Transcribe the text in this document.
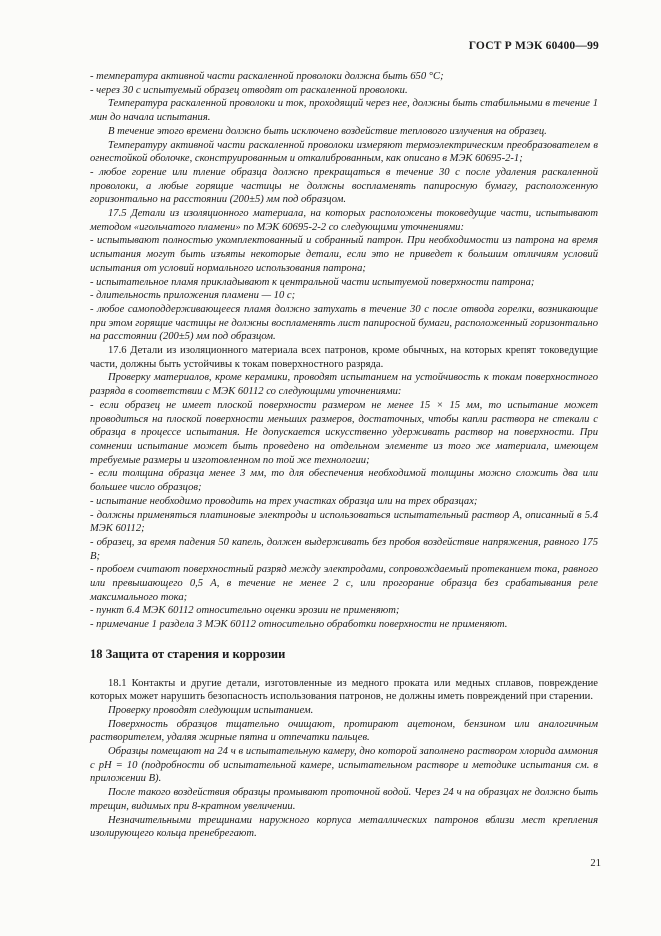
ГОСТ Р МЭК 60400—99

- температура активной части раскаленной проволоки должна быть 650 °С;

- через 30 с испытуемый образец отводят от раскаленной проволоки.

Температура раскаленной проволоки и ток, проходящий через нее, должны быть стабильными в течение 1 мин до начала испытания.

В течение этого времени должно быть исключено воздействие теплового излучения на образец.

Температуру активной части раскаленной проволоки измеряют термоэлектрическим преобразователем в огнестойкой оболочке, сконструированным и откалиброванным, как описано в МЭК 60695-2-1;

- любое горение или тление образца должно прекращаться в течение 30 с после удаления раскаленной проволоки, а любые горящие частицы не должны воспламенять папиросную бумагу, расположенную горизонтально на расстоянии (200±5) мм под образцом.

17.5 Детали из изоляционного материала, на которых расположены токоведущие части, испытывают методом «игольчатого пламени» по МЭК 60695-2-2 со следующими уточнениями:

- испытывают полностью укомплектованный и собранный патрон. При необходимости из патрона на время испытания могут быть изъяты некоторые детали, если это не приведет к большим отличиям условий испытания от условий нормального использования патрона;

- испытательное пламя прикладывают к центральной части испытуемой поверхности патрона;

- длительность приложения пламени — 10 с;

- любое самоподдерживающееся пламя должно затухать в течение 30 с после отвода горелки, возникающие при этом горящие частицы не должны воспламенять лист папиросной бумаги, расположенный горизонтально на расстоянии (200±5) мм под образцом.

17.6 Детали из изоляционного материала всех патронов, кроме обычных, на которых крепят токоведущие части, должны быть устойчивы к токам поверхностного разряда.

Проверку материалов, кроме керамики, проводят испытанием на устойчивость к токам поверхностного разряда в соответствии с МЭК 60112 со следующими уточнениями:

- если образец не имеет плоской поверхности размером не менее 15 × 15 мм, то испытание может проводиться на плоской поверхности меньших размеров, достаточных, чтобы капли раствора не стекали с образца в процессе испытания. Не допускается искусственно удерживать раствор на поверхности. При сомнении испытание может быть проведено на отдельном элементе из того же материала, имеющем требуемые размеры и изготовленном по той же технологии;

- если толщина образца менее 3 мм, то для обеспечения необходимой толщины можно сложить два или большее число образцов;

- испытание необходимо проводить на трех участках образца или на трех образцах;

- должны применяться платиновые электроды и использоваться испытательный раствор А, описанный в 5.4 МЭК 60112;

- образец, за время падения 50 капель, должен выдерживать без пробоя воздействие напряжения, равного 175 В;

- пробоем считают поверхностный разряд между электродами, сопровождаемый протеканием тока, равного или превышающего 0,5 А, в течение не менее 2 с, или прогорание образца без срабатывания реле максимального тока;

- пункт 6.4 МЭК 60112 относительно оценки эрозии не применяют;

- примечание 1 раздела 3 МЭК 60112 относительно обработки поверхности не применяют.

18 Защита от старения и коррозии

18.1 Контакты и другие детали, изготовленные из медного проката или медных сплавов, повреждение которых может нарушить безопасность использования патронов, не должны иметь повреждений при старении.

Проверку проводят следующим испытанием.

Поверхность образцов тщательно очищают, протирают ацетоном, бензином или аналогичным растворителем, удаляя жирные пятна и отпечатки пальцев.

Образцы помещают на 24 ч в испытательную камеру, дно которой заполнено раствором хлорида аммония с pH = 10 (подробности об испытательной камере, испытательном растворе и методике испытания см. в приложении В).

После такого воздействия образцы промывают проточной водой. Через 24 ч на образцах не должно быть трещин, видимых при 8-кратном увеличении.

Незначительными трещинами наружного корпуса металлических патронов вблизи мест крепления изолирующего кольца пренебрегают.

21
